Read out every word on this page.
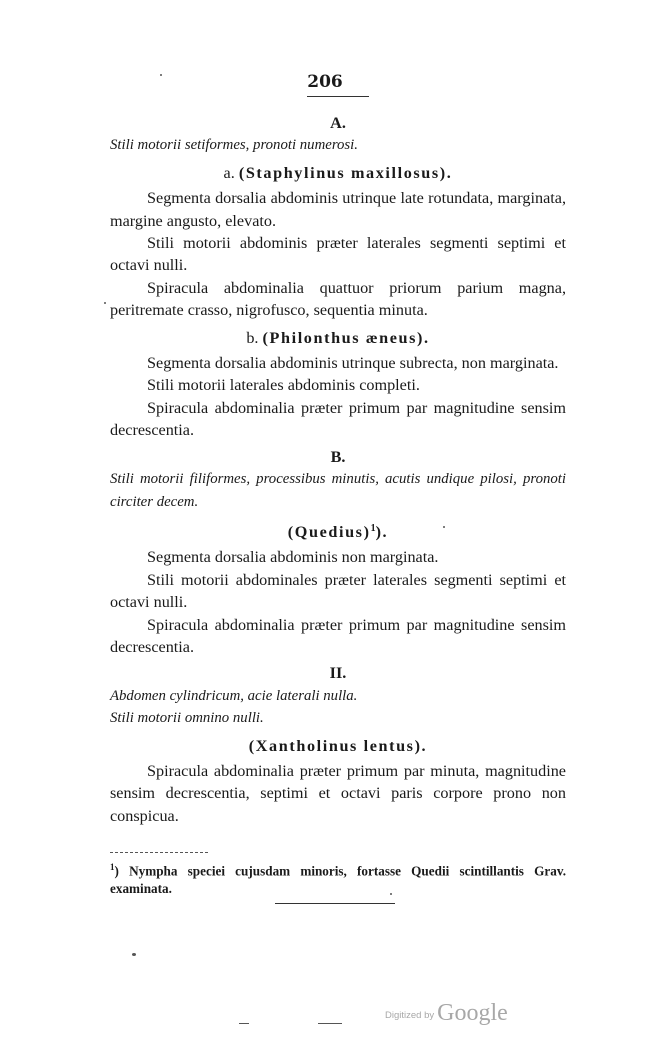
206

A.

Stili motorii setiformes, pronoti numerosi.

a. (Staphylinus maxillosus).

Segmenta dorsalia abdominis utrinque late rotundata, marginata, margine angusto, elevato.

Stili motorii abdominis præter laterales segmenti septimi et octavi nulli.

Spiracula abdominalia quattuor priorum parium magna, peritremate crasso, nigrofusco, sequentia minuta.

b. (Philonthus æneus).

Segmenta dorsalia abdominis utrinque subrecta, non marginata.

Stili motorii laterales abdominis completi.

Spiracula abdominalia præter primum par magnitudine sensim decrescentia.

B.

Stili motorii filiformes, processibus minutis, acutis undique pilosi, pronoti circiter decem.

(Quedius)$^1$).

Segmenta dorsalia abdominis non marginata.

Stili motorii abdominales præter laterales segmenti septimi et octavi nulli.

Spiracula abdominalia præter primum par magnitudine sensim decrescentia.

II.

Abdomen cylindricum, acie laterali nulla.

Stili motorii omnino nulli.

(Xantholinus lentus).

Spiracula abdominalia præter primum par minuta, magnitudine sensim decrescentia, septimi et octavi paris corpore prono non conspicua.

$^1$) Nympha speciei cujusdam minoris, fortasse Quedii scintillantis Grav. examinata.
Digitized by Google
